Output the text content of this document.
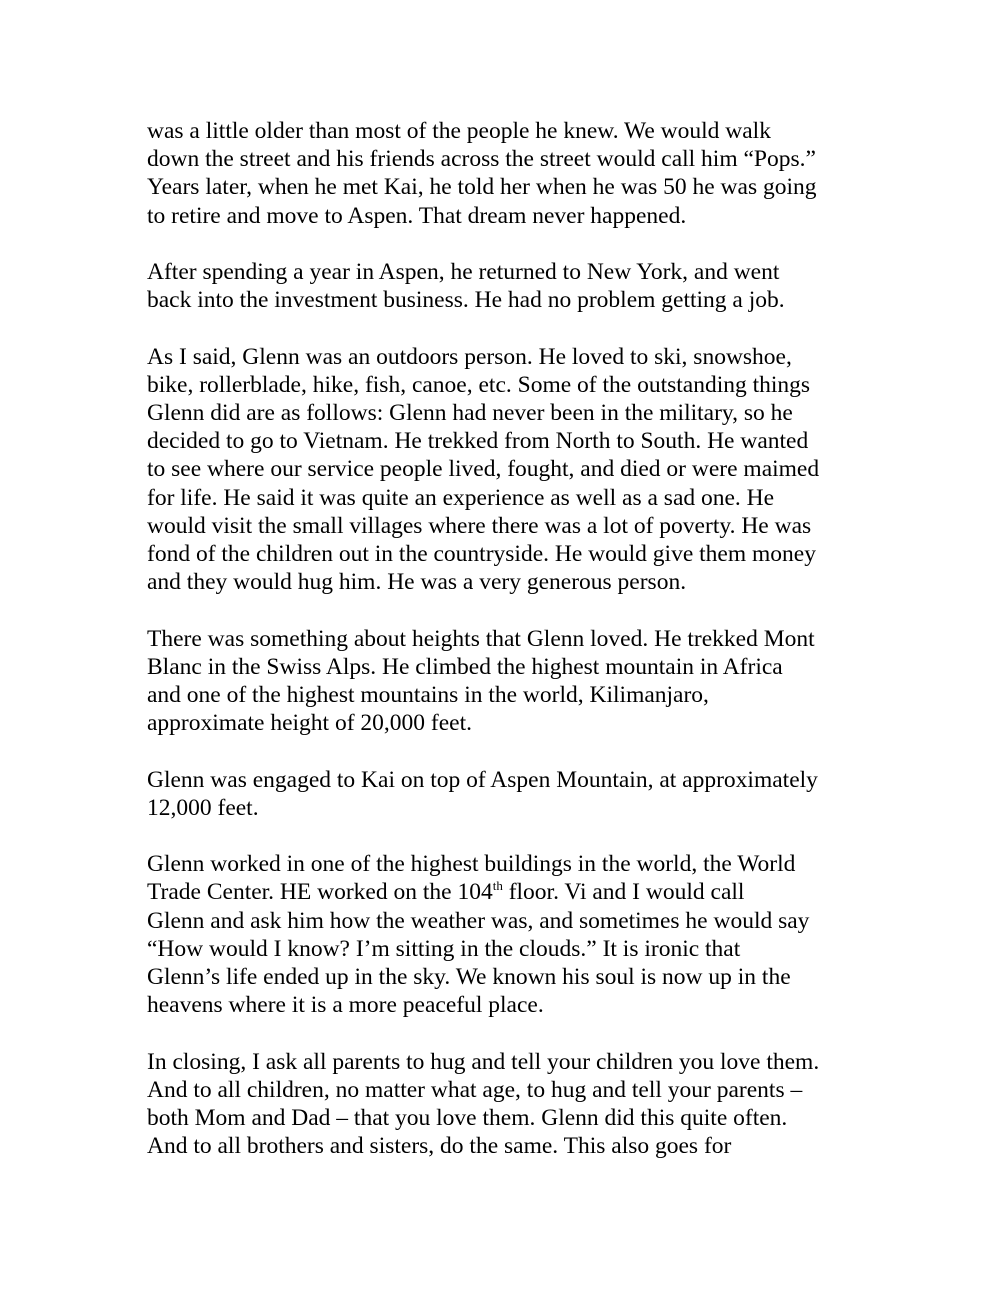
was a little older than most of the people he knew. We would walk
down the street and his friends across the street would call him “Pops.”
Years later, when he met Kai, he told her when he was 50 he was going
to retire and move to Aspen. That dream never happened.

After spending a year in Aspen, he returned to New York, and went
back into the investment business. He had no problem getting a job.

As I said, Glenn was an outdoors person. He loved to ski, snowshoe,
bike, rollerblade, hike, fish, canoe, etc. Some of the outstanding things
Glenn did are as follows: Glenn had never been in the military, so he
decided to go to Vietnam. He trekked from North to South. He wanted
to see where our service people lived, fought, and died or were maimed
for life. He said it was quite an experience as well as a sad one. He
would visit the small villages where there was a lot of poverty. He was
fond of the children out in the countryside. He would give them money
and they would hug him. He was a very generous person.

There was something about heights that Glenn loved. He trekked Mont
Blanc in the Swiss Alps. He climbed the highest mountain in Africa
and one of the highest mountains in the world, Kilimanjaro,
approximate height of 20,000 feet.

Glenn was engaged to Kai on top of Aspen Mountain, at approximately
12,000 feet.

Glenn worked in one of the highest buildings in the world, the World
Trade Center. HE worked on the 104th floor. Vi and I would call
Glenn and ask him how the weather was, and sometimes he would say
“How would I know? I’m sitting in the clouds.” It is ironic that
Glenn’s life ended up in the sky. We known his soul is now up in the
heavens where it is a more peaceful place.

In closing, I ask all parents to hug and tell your children you love them.
And to all children, no matter what age, to hug and tell your parents –
both Mom and Dad – that you love them. Glenn did this quite often.
And to all brothers and sisters, do the same. This also goes for
